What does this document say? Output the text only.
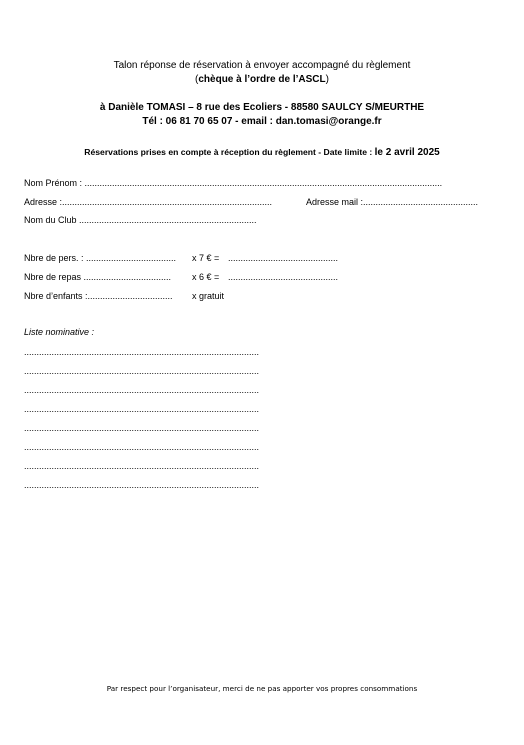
Talon réponse de réservation à envoyer accompagné du règlement
(chèque à l’ordre de l’ASCL)
à Danièle TOMASI – 8 rue des Ecoliers - 88580 SAULCY S/MEURTHE
Tél : 06 81 70 65 07 - email : dan.tomasi@orange.fr
Réservations prises en compte à réception du règlement - Date limite : le 2 avril 2025
Nom Prénom : ...............................................................................................................................................
Adresse :....................................................................................	Adresse mail :..............................................
Nom du Club .......................................................................
Nbre de pers. : .................................... x 7 € = ............................................
Nbre de repas ................................... x 6 € = ............................................
Nbre d’enfants :.................................. x gratuit
Liste nominative :
..............................................................................................
..............................................................................................
..............................................................................................
..............................................................................................
..............................................................................................
..............................................................................................
..............................................................................................
..............................................................................................
Par respect pour l’organisateur, merci de ne pas apporter vos propres consommations
